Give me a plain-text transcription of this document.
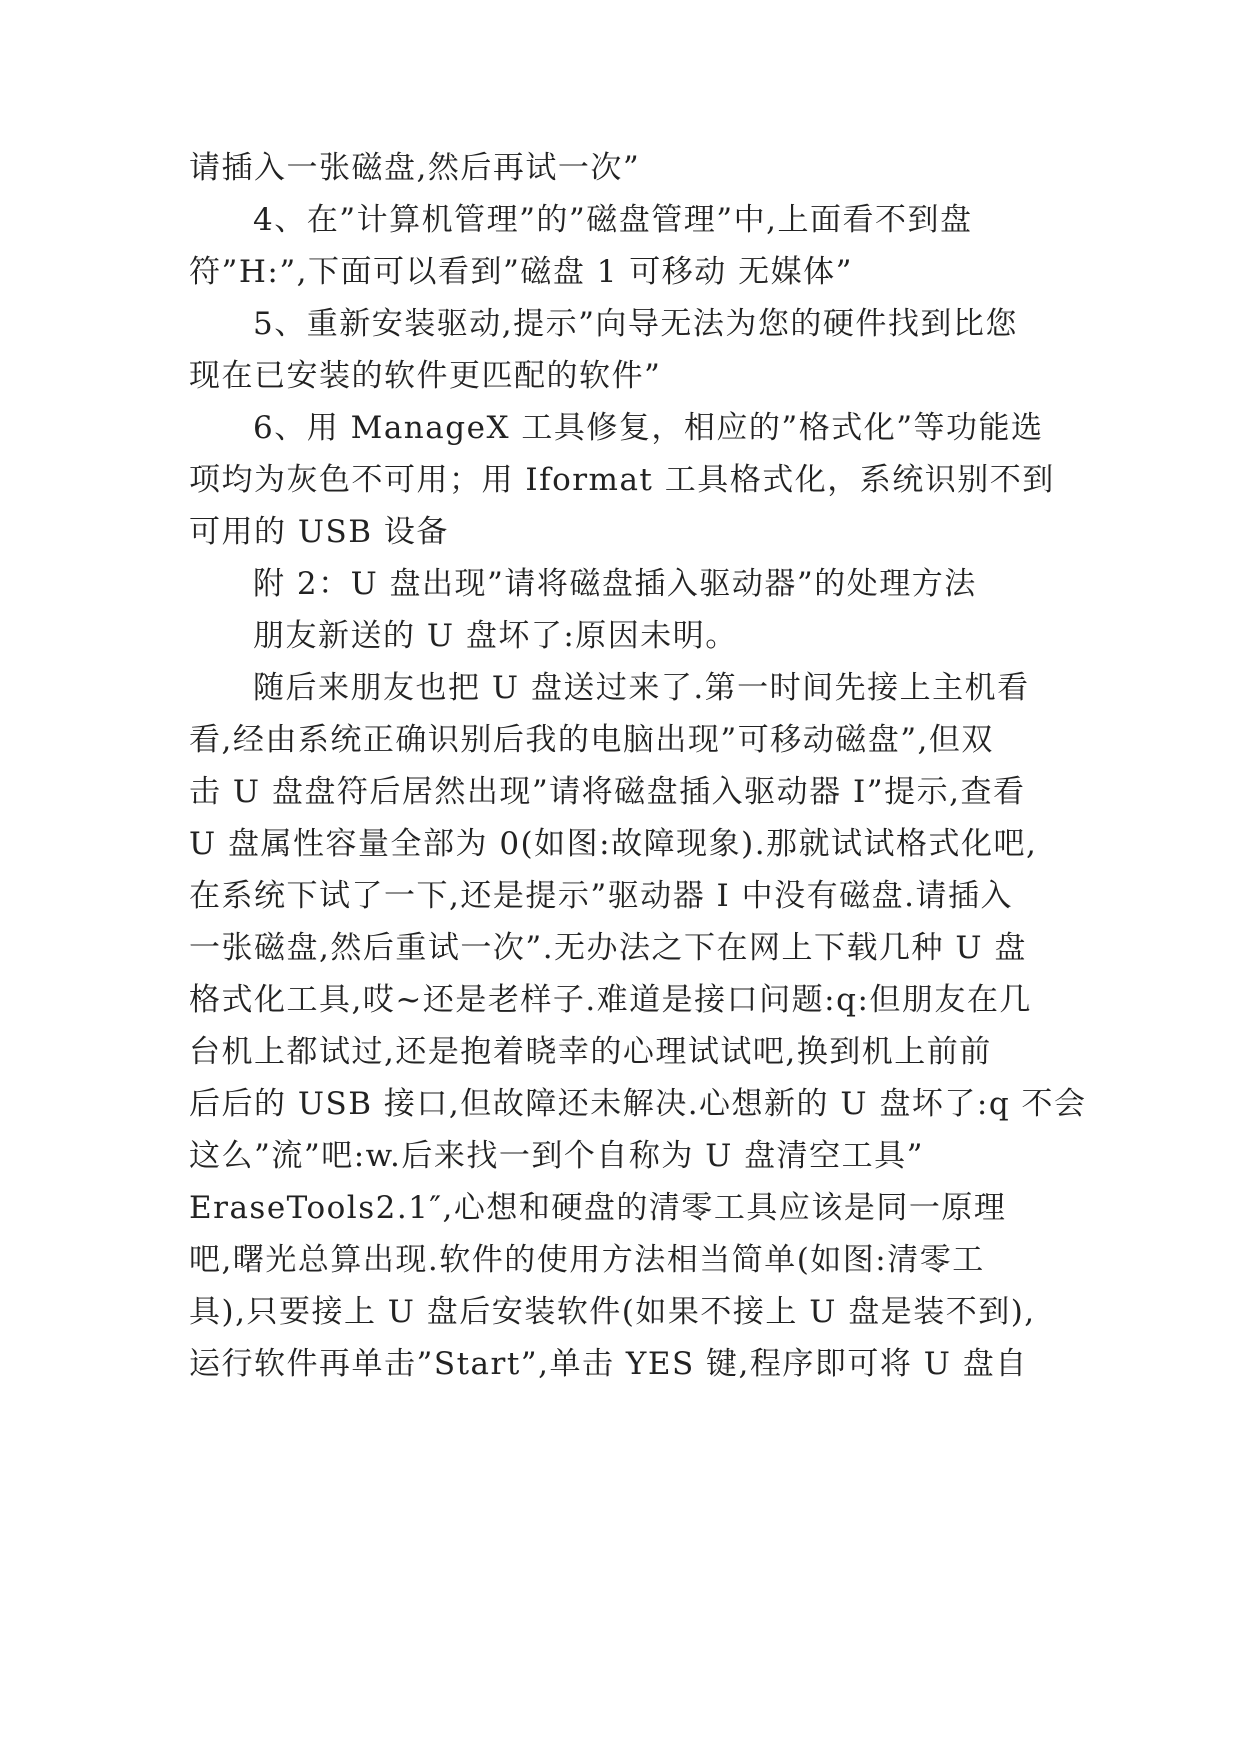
请插入一张磁盘,然后再试一次”
4、在”计算机管理”的”磁盘管理”中,上面看不到盘
符”H:”,下面可以看到”磁盘 1 可移动 无媒体”
5、重新安装驱动,提示”向导无法为您的硬件找到比您
现在已安装的软件更匹配的软件”
6、用 ManageX 工具修复，相应的”格式化”等功能选
项均为灰色不可用；用 Iformat 工具格式化，系统识别不到
可用的 USB 设备
附 2：U 盘出现”请将磁盘插入驱动器”的处理方法
朋友新送的 U 盘坏了:原因未明。
随后来朋友也把 U 盘送过来了.第一时间先接上主机看
看,经由系统正确识别后我的电脑出现”可移动磁盘”,但双
击 U 盘盘符后居然出现”请将磁盘插入驱动器 I”提示,查看
U 盘属性容量全部为 0(如图:故障现象).那就试试格式化吧,
在系统下试了一下,还是提示”驱动器 I 中没有磁盘.请插入
一张磁盘,然后重试一次”.无办法之下在网上下载几种 U 盘
格式化工具,哎~还是老样子.难道是接口问题:q:但朋友在几
台机上都试过,还是抱着晓幸的心理试试吧,换到机上前前
后后的 USB 接口,但故障还未解决.心想新的 U 盘坏了:q 不会
这么”流”吧:w.后来找一到个自称为 U 盘清空工具”
EraseTools2.1″,心想和硬盘的清零工具应该是同一原理
吧,曙光总算出现.软件的使用方法相当简单(如图:清零工
具),只要接上 U 盘后安装软件(如果不接上 U 盘是装不到),
运行软件再单击”Start”,单击 YES 键,程序即可将 U 盘自
